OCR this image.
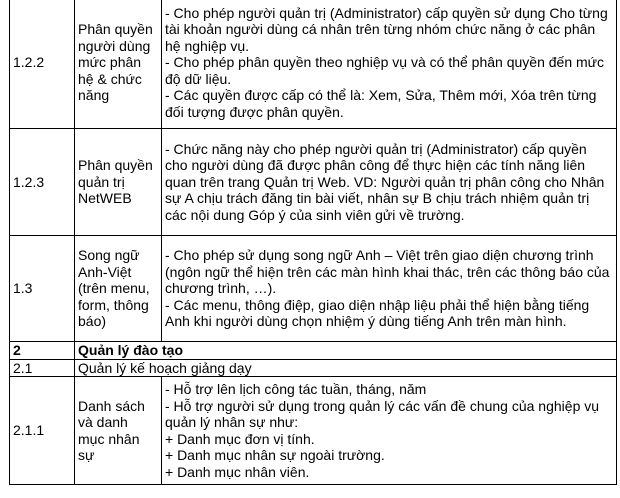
1.2.2	Phân quyền người dùng mức phân hệ & chức năng	- Cho phép người quản trị (Administrator) cấp quyền sử dụng Cho từng tài khoản người dùng cá nhân trên từng nhóm chức năng ở các phân hệ nghiệp vụ.
- Cho phép phân quyền theo nghiệp vụ và có thể phân quyền đến mức độ dữ liệu.
- Các quyền được cấp có thể là: Xem, Sửa, Thêm mới, Xóa trên từng đối tượng được phân quyền.

1.2.3	Phân quyền quản trị NetWEB	- Chức năng này cho phép người quản trị (Administrator) cấp quyền cho người dùng đã được phân công để thực hiện các tính năng liên quan trên trang Quản trị Web. VD: Người quản trị phân công cho Nhân sự A chịu trách đăng tin bài viết, nhân sự B chịu trách nhiệm quản trị các nội dung Góp ý của sinh viên gửi về trường.

1.3	Song ngữ Anh-Việt (trên menu, form, thông báo)	- Cho phép sử dụng song ngữ Anh – Việt trên giao diện chương trình (ngôn ngữ thể hiện trên các màn hình khai thác, trên các thông báo của chương trình, …).
- Các menu, thông điệp, giao diện nhập liệu phải thể hiện bằng tiếng Anh khi người dùng chọn nhiệm ý dùng tiếng Anh trên màn hình.

2	Quản lý đào tạo	
2.1	Quản lý kế hoạch giảng dạy	
2.1.1	Danh sách và danh mục nhân sự	- Hỗ trợ lên lịch công tác tuần, tháng, năm
- Hỗ trợ người sử dụng trong quản lý các vấn đề chung của nghiệp vụ quản lý nhân sự như:
+ Danh mục đơn vị tính.
+ Danh mục nhân sự ngoài trường.
+ Danh mục nhân viên.
